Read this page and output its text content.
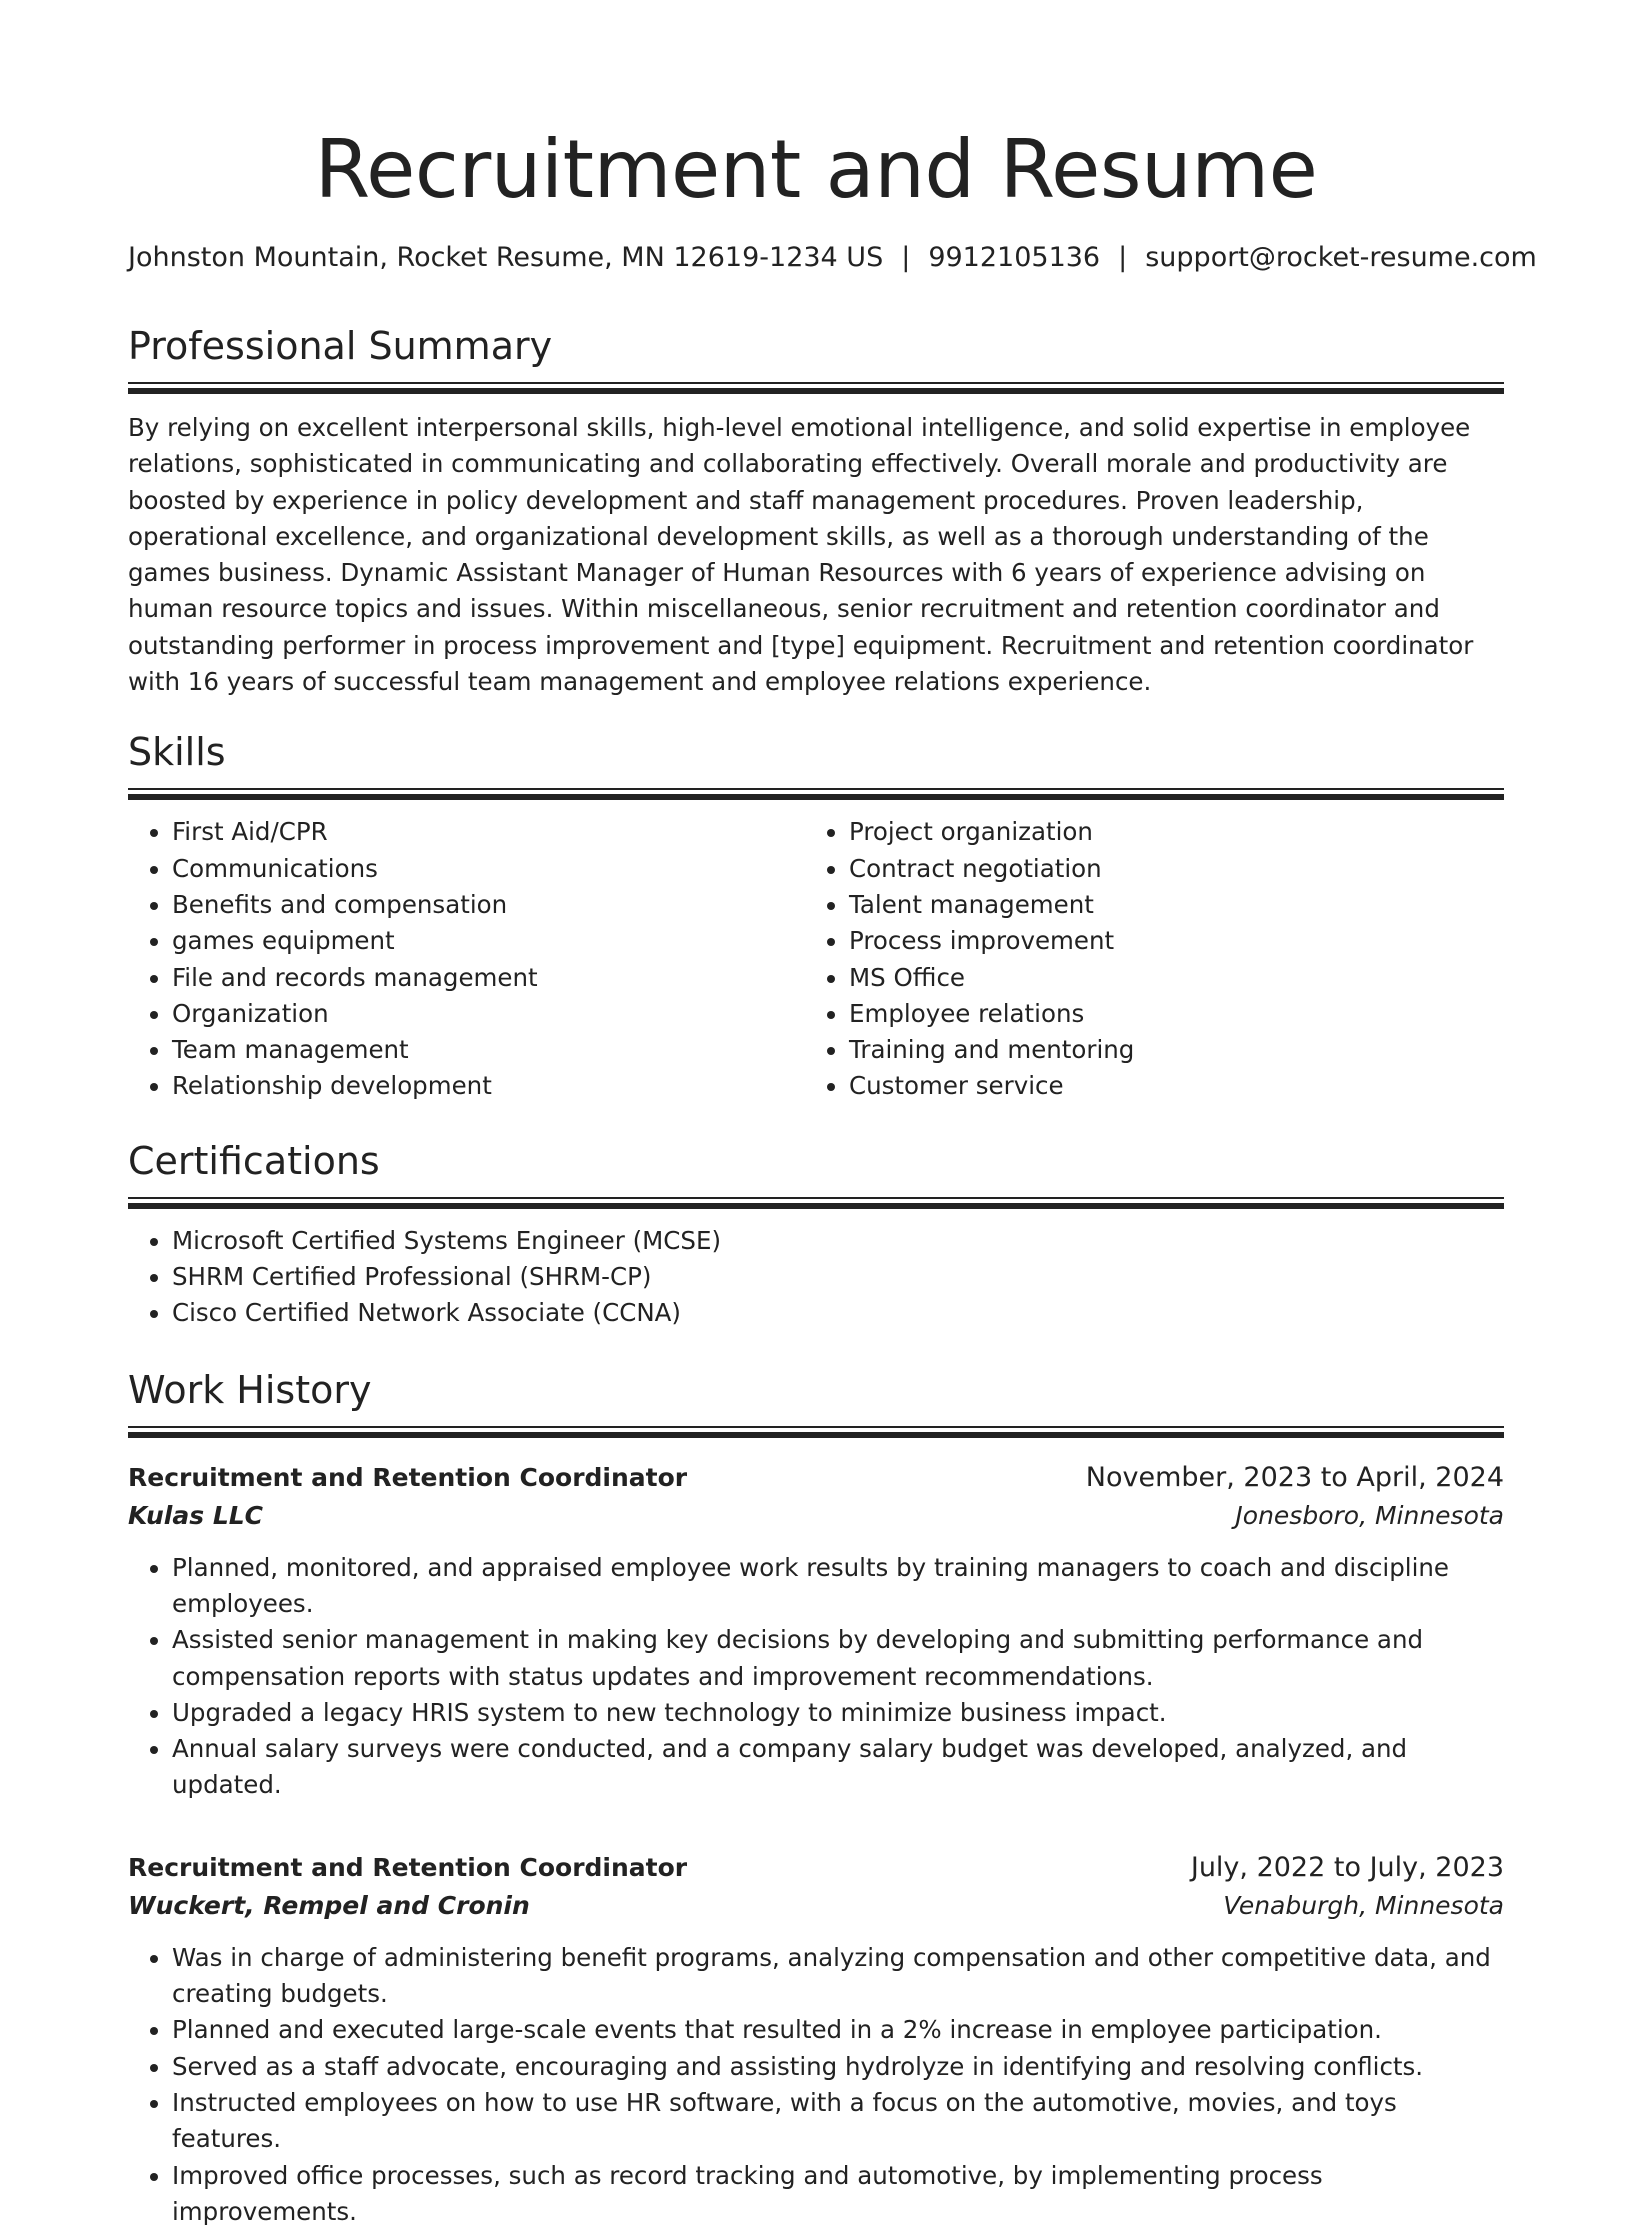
Recruitment and Resume
Johnston Mountain, Rocket Resume, MN 12619-1234 US | 9912105136 | support@rocket-resume.com
Professional Summary

By relying on excellent interpersonal skills, high-level emotional intelligence, and solid expertise in employee relations, sophisticated in communicating and collaborating effectively. Overall morale and productivity are boosted by experience in policy development and staff management procedures. Proven leadership, operational excellence, and organizational development skills, as well as a thorough understanding of the games business. Dynamic Assistant Manager of Human Resources with 6 years of experience advising on human resource topics and issues. Within miscellaneous, senior recruitment and retention coordinator and outstanding performer in process improvement and [type] equipment. Recruitment and retention coordinator with 16 years of successful team management and employee relations experience.

Skills
• First Aid/CPR
• Communications
• Benefits and compensation
• games equipment
• File and records management
• Organization
• Team management
• Relationship development
• Project organization
• Contract negotiation
• Talent management
• Process improvement
• MS Office
• Employee relations
• Training and mentoring
• Customer service
Certifications
• Microsoft Certified Systems Engineer (MCSE)
• SHRM Certified Professional (SHRM-CP)
• Cisco Certified Network Associate (CCNA)
Work History
Recruitment and Retention Coordinator	November, 2023 to April, 2024
Kulas LLC	Jonesboro, Minnesota
• Planned, monitored, and appraised employee work results by training managers to coach and discipline employees.
• Assisted senior management in making key decisions by developing and submitting performance and compensation reports with status updates and improvement recommendations.
• Upgraded a legacy HRIS system to new technology to minimize business impact.
• Annual salary surveys were conducted, and a company salary budget was developed, analyzed, and updated.
Recruitment and Retention Coordinator	July, 2022 to July, 2023
Wuckert, Rempel and Cronin	Venaburgh, Minnesota
• Was in charge of administering benefit programs, analyzing compensation and other competitive data, and creating budgets.
• Planned and executed large-scale events that resulted in a 2% increase in employee participation.
• Served as a staff advocate, encouraging and assisting hydrolyze in identifying and resolving conflicts.
• Instructed employees on how to use HR software, with a focus on the automotive, movies, and toys features.
• Improved office processes, such as record tracking and automotive, by implementing process improvements.
